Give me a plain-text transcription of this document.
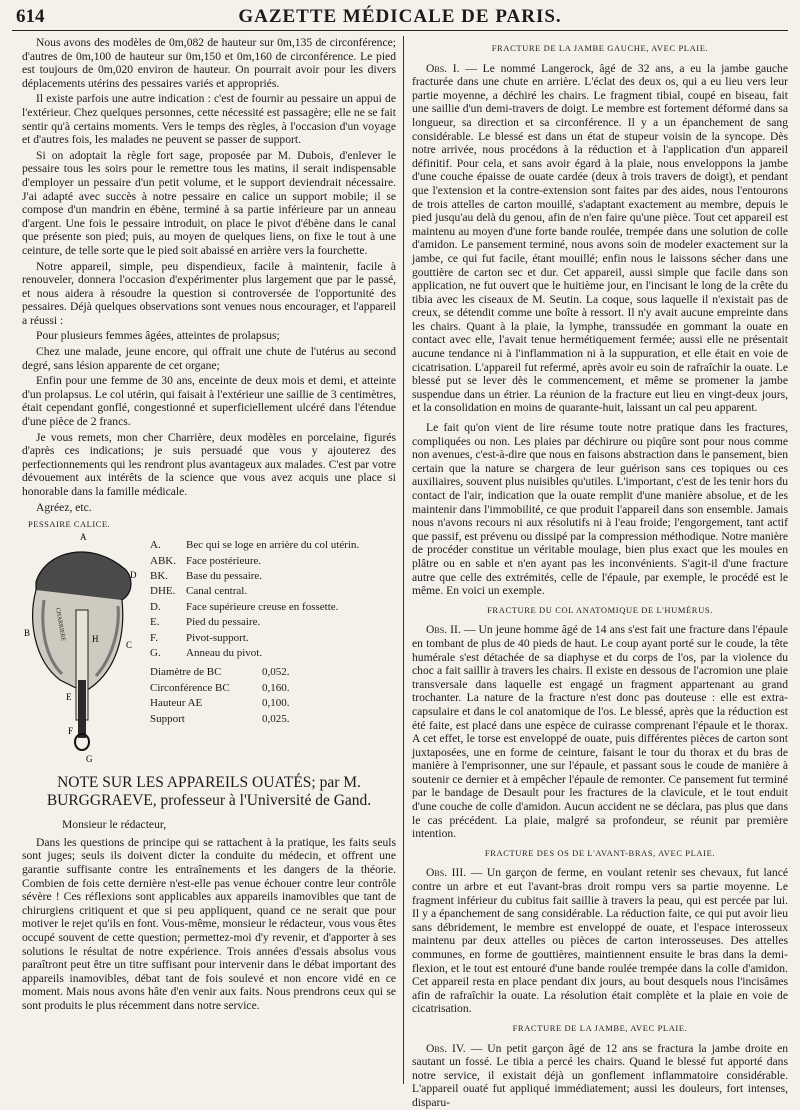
614	GAZETTE MÉDICALE DE PARIS.

Nous avons des modèles de 0m,082 de hauteur sur 0m,135 de circonférence; d'autres de 0m,100 de hauteur sur 0m,150 et 0m,160 de circonférence. Le pied est toujours de 0m,020 environ de hauteur. On pourrait avoir pour les divers déplacements utérins des pessaires variés et appropriés.

Il existe parfois une autre indication : c'est de fournir au pessaire un appui de l'extérieur. Chez quelques personnes, cette nécessité est passagère; elle ne se fait sentir qu'à certains moments. Vers le temps des règles, à l'occasion d'un voyage et d'autres fois, les malades ne peuvent se passer de support.

Si on adoptait la règle fort sage, proposée par M. Dubois, d'enlever le pessaire tous les soirs pour le remettre tous les matins, il serait indispensable d'employer un pessaire d'un petit volume, et le support deviendrait nécessaire. J'ai adapté avec succès à notre pessaire en calice un support mobile; il se compose d'un mandrin en ébène, terminé à sa partie inférieure par un anneau d'argent. Une fois le pessaire introduit, on place le pivot d'ébène dans le canal que présente son pied; puis, au moyen de quelques liens, on fixe le tout à une ceinture, de telle sorte que le pied soit abaissé en arrière vers la fourchette.

Notre appareil, simple, peu dispendieux, facile à maintenir, facile à renouveler, donnera l'occasion d'expérimenter plus largement que par le passé, et nous aidera à résoudre la question si controversée de l'opportunité des pessaires. Déjà quelques observations sont venues nous encourager, et l'appareil a réussi :

Pour plusieurs femmes âgées, atteintes de prolapsus;

Chez une malade, jeune encore, qui offrait une chute de l'utérus au second degré, sans lésion apparente de cet organe;

Enfin pour une femme de 30 ans, enceinte de deux mois et demi, et atteinte d'un prolapsus. Le col utérin, qui faisait à l'extérieur une saillie de 3 centimètres, était cependant gonflé, congestionné et superficiellement ulcéré dans l'étendue d'une pièce de 2 francs.

Je vous remets, mon cher Charrière, deux modèles en porcelaine, figurés d'après ces indications; je suis persuadé que vous y ajouterez des perfectionnements qui les rendront plus avantageux aux malades. C'est par votre dévouement aux intérêts de la science que vous avez acquis une place si honorable dans la famille médicale.

Agréez, etc.

PESSAIRE CALICE.
CHARRIERE
A
B
C
D
E
F
G
H
A.	Bec qui se loge en arrière du col utérin.
ABK. Face postérieure.
BK.	Base du pessaire.
DHE. Canal central.
D.	Face supérieure creuse en fossette.
E.	Pied du pessaire.
F.	Pivot-support.
G.	Anneau du pivot.
Diamètre de BC	0,052.
Circonférence BC	0,160.
Hauteur AE	0,100.
Support	0,025.
NOTE SUR LES APPAREILS OUATÉS; par M. BURGGRAEVE, professeur à l'Université de Gand.

Monsieur le rédacteur,

Dans les questions de principe qui se rattachent à la pratique, les faits seuls sont juges; seuls ils doivent dicter la conduite du médecin, et offrent une garantie suffisante contre les entraînements et les dangers de la théorie. Combien de fois cette dernière n'est-elle pas venue échouer contre leur contrôle sévère ! Ces réflexions sont applicables aux appareils inamovibles que tant de chirurgiens critiquent et que si peu appliquent, quand ce ne serait que pour motiver le rejet qu'ils en font. Vous-même, monsieur le rédacteur, vous vous êtes occupé souvent de cette question; permettez-moi d'y revenir, et d'apporter à ses solutions le résultat de notre expérience. Trois années d'essais absolus vous paraîtront peut être un titre suffisant pour intervenir dans le débat important des appareils inamovibles, débat tant de fois soulevé et non encore vidé en ce moment. Mais nous avons hâte d'en venir aux faits. Nous prendrons ceux qui se sont produits le plus récemment dans notre service.

FRACTURE DE LA JAMBE GAUCHE, AVEC PLAIE.

Obs. I. — Le nommé Langerock, âgé de 32 ans, a eu la jambe gauche fracturée dans une chute en arrière. L'éclat des deux os, qui a eu lieu vers leur partie moyenne, a déchiré les chairs. Le fragment tibial, coupé en biseau, fait une saillie d'un demi-travers de doigt. Le membre est fortement déformé dans sa longueur, sa direction et sa circonférence. Il y a un épanchement de sang considérable. Le blessé est dans un état de stupeur voisin de la syncope. Dès notre arrivée, nous procédons à la réduction et à l'application d'un appareil définitif. Pour cela, et sans avoir égard à la plaie, nous enveloppons la jambe d'une couche épaisse de ouate cardée (deux à trois travers de doigt), et pendant que l'extension et la contre-extension sont faites par des aides, nous l'entourons de trois attelles de carton mouillé, s'adaptant exactement au membre, depuis le pied jusqu'au delà du genou, afin de n'en faire qu'une pièce. Tout cet appareil est maintenu au moyen d'une forte bande roulée, trempée dans une solution de colle d'amidon. Le pansement terminé, nous avons soin de modeler exactement sur la jambe, ce qui fut facile, étant mouillé; enfin nous le laissons sécher dans une gouttière de carton sec et dur. Cet appareil, aussi simple que facile dans son application, ne fut ouvert que le huitième jour, en l'incisant le long de la crête du tibia avec les ciseaux de M. Seutin. La coque, sous laquelle il n'existait pas de creux, se détendit comme une boîte à ressort. Il n'y avait aucune empreinte dans les chairs. Quant à la plaie, la lymphe, transsudée en gommant la ouate en contact avec elle, l'avait tenue hermétiquement fermée; aussi elle ne présentait aucune tendance ni à l'inflammation ni à la suppuration, et elle était en voie de cicatrisation. L'appareil fut refermé, après avoir eu soin de rafraîchir la ouate. Le blessé put se lever dès le commencement, et même se promener la jambe suspendue dans un étrier. La réunion de la fracture eut lieu en vingt-deux jours, et la consolidation en moins de quarante-huit, laissant un cal peu apparent.

Le fait qu'on vient de lire résume toute notre pratique dans les fractures, compliquées ou non. Les plaies par déchirure ou piqûre sont pour nous comme non avenues, c'est-à-dire que nous en faisons abstraction dans le pansement, bien certain que la nature se chargera de leur guérison sans ces topiques ou ces auxiliaires, souvent plus nuisibles qu'utiles. L'important, c'est de les tenir hors du contact de l'air, indication que la ouate remplit d'une manière absolue, et de les maintenir dans l'immobilité, ce que produit l'appareil dans son ensemble. Jamais nous n'avons recours ni aux résolutifs ni à l'eau froide; l'engorgement, tant actif que passif, est prévenu ou dissipé par la compression méthodique. Notre manière de procéder constitue un véritable moulage, bien plus exact que les moules en plâtre ou en sable et n'en ayant pas les inconvénients. S'agit-il d'une fracture autre que celle des extrémités, celle de l'épaule, par exemple, le procédé est le même. En voici un exemple.

FRACTURE DU COL ANATOMIQUE DE L'HUMÉRUS.

Obs. II. — Un jeune homme âgé de 14 ans s'est fait une fracture dans l'épaule en tombant de plus de 40 pieds de haut. Le coup ayant porté sur le coude, la tête humérale s'est détachée de sa diaphyse et du corps de l'os, par la violence du choc a fait saillir à travers les chairs. Il existe en dessous de l'acromion une plaie transversale dans laquelle est engagé un fragment appartenant au grand trochanter. La nature de la fracture n'est donc pas douteuse : elle est extra-capsulaire et dans le col anatomique de l'os. Le blessé, après que la réduction est été faite, est placé dans une espèce de cuirasse comprenant l'épaule et le thorax. A cet effet, le torse est enveloppé de ouate, puis différentes pièces de carton sont juxtaposées, une en forme de ceinture, faisant le tour du thorax et du bras de manière à l'emprisonner, une sur l'épaule, et passant sous le coude de manière à soutenir ce dernier et à empêcher l'épaule de remonter. Ce pansement fut terminé par le bandage de Desault pour les fractures de la clavicule, et le tout enduit d'une couche de colle d'amidon. Aucun accident ne se déclara, pas plus que dans le cas précédent. La plaie, malgré sa profondeur, se réunit par première intention.

FRACTURE DES OS DE L'AVANT-BRAS, AVEC PLAIE.

Obs. III. — Un garçon de ferme, en voulant retenir ses chevaux, fut lancé contre un arbre et eut l'avant-bras droit rompu vers sa partie moyenne. Le fragment inférieur du cubitus fait saillie à travers la peau, qui est percée par lui. Il y a épanchement de sang considérable. La réduction faite, ce qui put avoir lieu sans débridement, le membre est enveloppé de ouate, et l'espace interosseux maintenu par deux attelles ou pièces de carton interosseuses. Des attelles communes, en forme de gouttières, maintiennent ensuite le bras dans la demi-flexion, et le tout est entouré d'une bande roulée trempée dans la colle d'amidon. Cet appareil resta en place pendant dix jours, au bout desquels nous l'incisâmes afin de rafraîchir la ouate. La résolution était complète et la plaie en voie de cicatrisation.

FRACTURE DE LA JAMBE, AVEC PLAIE.

Obs. IV. — Un petit garçon âgé de 12 ans se fractura la jambe droite en sautant un fossé. Le tibia a percé les chairs. Quand le blessé fut apporté dans notre service, il existait déjà un gonflement inflammatoire considérable. L'appareil ouaté fut appliqué immédiatement; aussi les douleurs, fort intenses, disparu-
